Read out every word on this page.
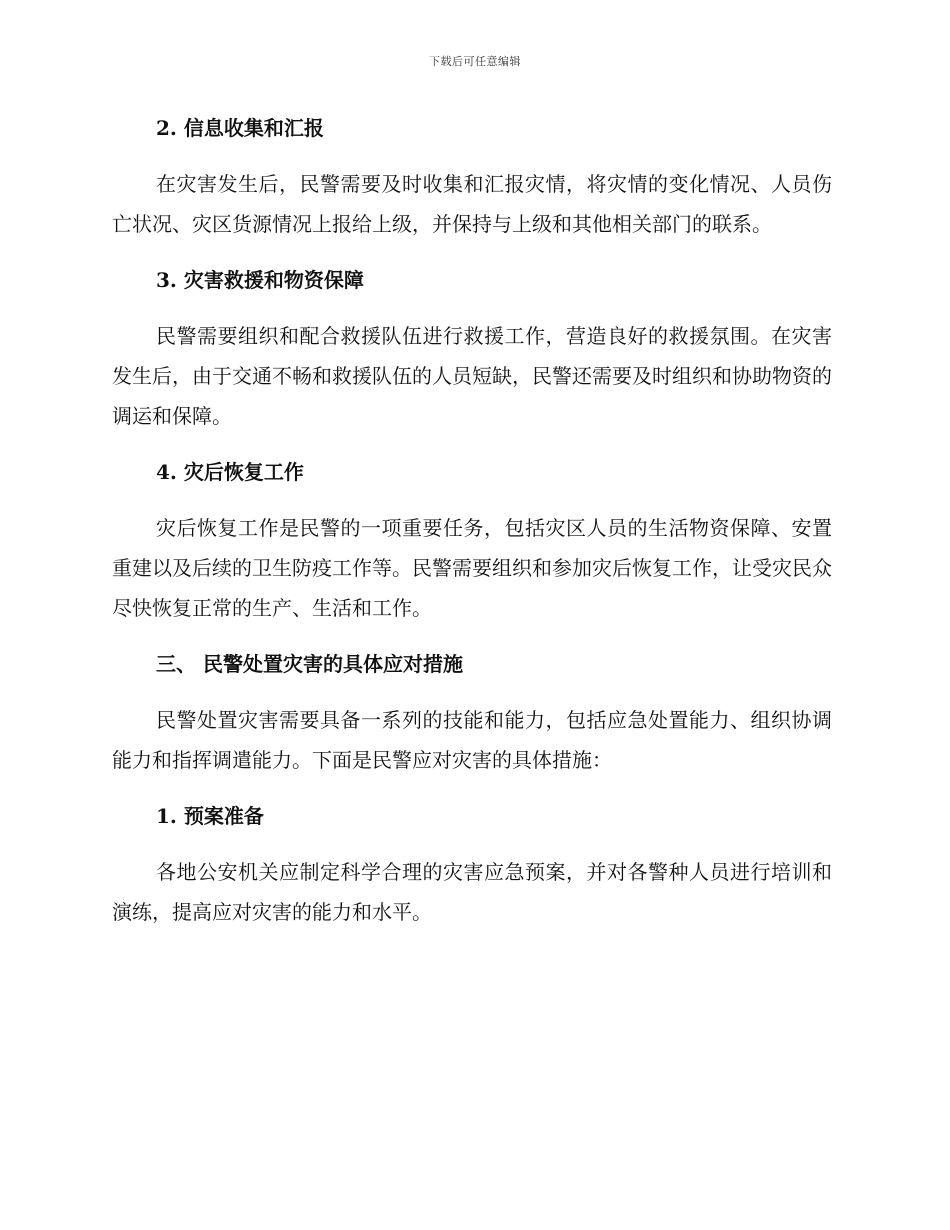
下载后可任意编辑
2. 信息收集和汇报

在灾害发生后，民警需要及时收集和汇报灾情，将灾情的变化情况、人员伤亡状况、灾区货源情况上报给上级，并保持与上级和其他相关部门的联系。

3. 灾害救援和物资保障

民警需要组织和配合救援队伍进行救援工作，营造良好的救援氛围。在灾害发生后，由于交通不畅和救援队伍的人员短缺，民警还需要及时组织和协助物资的调运和保障。

4. 灾后恢复工作

灾后恢复工作是民警的一项重要任务，包括灾区人员的生活物资保障、安置重建以及后续的卫生防疫工作等。民警需要组织和参加灾后恢复工作，让受灾民众尽快恢复正常的生产、生活和工作。

三、 民警处置灾害的具体应对措施

民警处置灾害需要具备一系列的技能和能力，包括应急处置能力、组织协调能力和指挥调遣能力。下面是民警应对灾害的具体措施：

1. 预案准备

各地公安机关应制定科学合理的灾害应急预案，并对各警种人员进行培训和演练，提高应对灾害的能力和水平。
